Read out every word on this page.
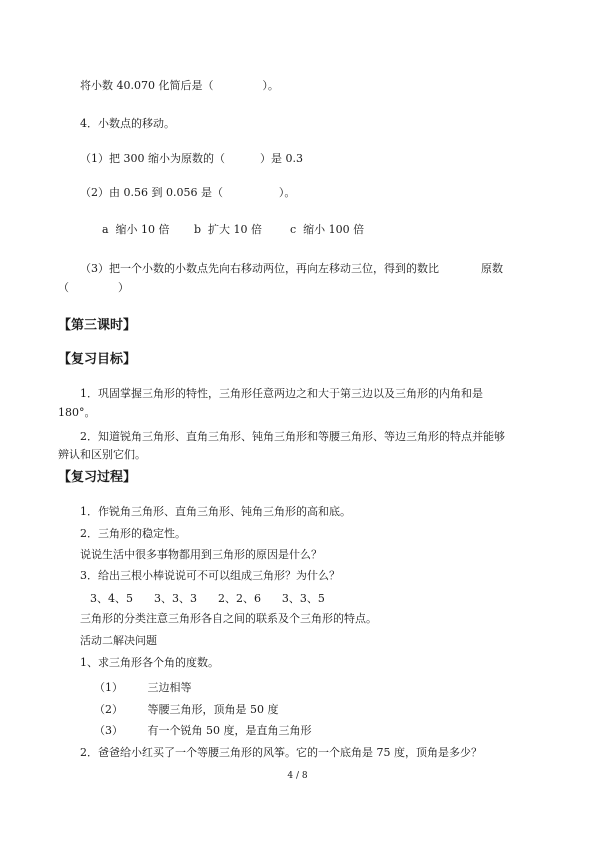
将小数 40.070 化简后是（              ）。
4．小数点的移动。
（1）把 300 缩小为原数的（          ）是 0.3
（2）由 0.56 到 0.056 是（                ）。
a  缩小 10 倍       b  扩大 10 倍        c  缩小 100 倍
（3）把一个小数的小数点先向右移动两位，再向左移动三位，得到的数比            原数
（              ）
【第三课时】
【复习目标】
1．巩固掌握三角形的特性，三角形任意两边之和大于第三边以及三角形的内角和是
180°。
2．知道锐角三角形、直角三角形、钝角三角形和等腰三角形、等边三角形的特点并能够
辨认和区别它们。
【复习过程】
1．作锐角三角形、直角三角形、钝角三角形的高和底。
2．三角形的稳定性。
说说生活中很多事物都用到三角形的原因是什么？
3．给出三根小棒说说可不可以组成三角形？为什么？
3、4、5      3、3、3      2、2、6      3、3、5
三角形的分类注意三角形各自之间的联系及个三角形的特点。
活动二解决问题
1、求三角形各个角的度数。
（1）       三边相等
（2）       等腰三角形，顶角是 50 度
（3）       有一个锐角 50 度，是直角三角形
2．爸爸给小红买了一个等腰三角形的风筝。它的一个底角是 75 度，顶角是多少？
4 / 8
